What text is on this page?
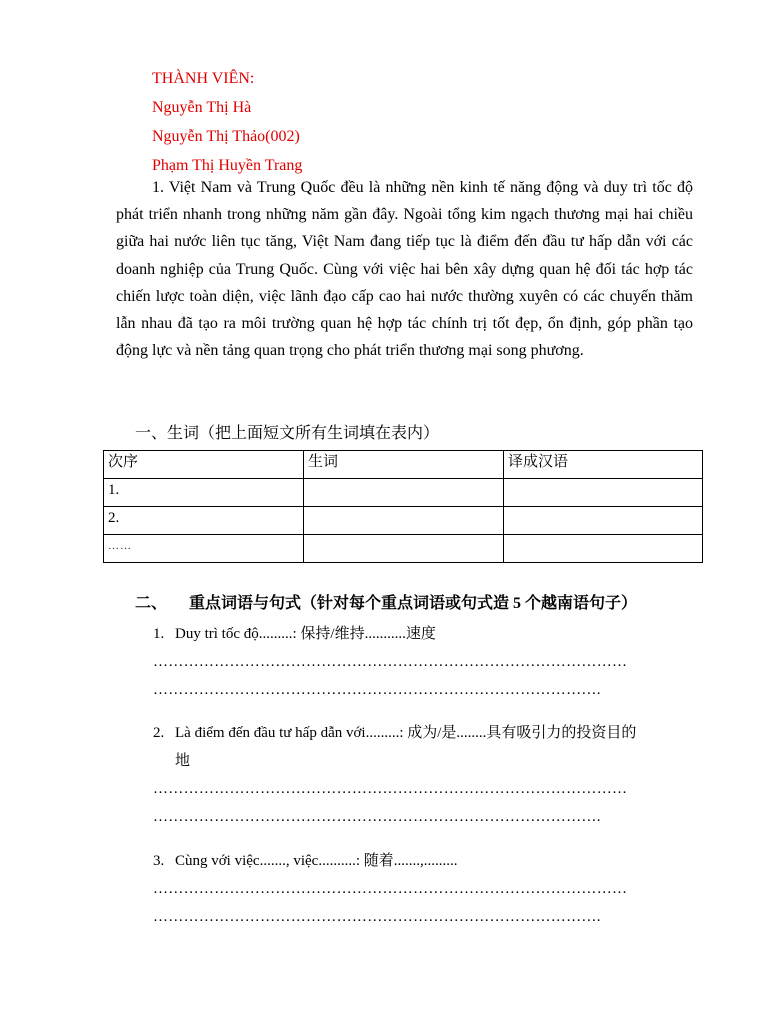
THÀNH VIÊN:
Nguyễn Thị Hà
Nguyễn Thị Thảo(002)
Phạm Thị Huyền Trang
1. Việt Nam và Trung Quốc đều là những nền kinh tế năng động và duy trì tốc độ phát triển nhanh trong những năm gần đây. Ngoài tổng kim ngạch thương mại hai chiều giữa hai nước liên tục tăng, Việt Nam đang tiếp tục là điểm đến đầu tư hấp dẫn với các doanh nghiệp của Trung Quốc. Cùng với việc hai bên xây dựng quan hệ đối tác hợp tác chiến lược toàn diện, việc lãnh đạo cấp cao hai nước thường xuyên có các chuyến thăm lẫn nhau đã tạo ra môi trường quan hệ hợp tác chính trị tốt đẹp, ổn định, góp phần tạo động lực và nền tảng quan trọng cho phát triển thương mại song phương.
一、生词（把上面短文所有生词填在表内）
次序	生词	译成汉语
1.		
2.		
……		
二、 重点词语与句式（针对每个重点词语或句式造 5 个越南语句子）
1. Duy trì tốc độ.........: 保持/维持...........速度
…………………………………………………………………………………
…………………………………………………………………………….
2. Là điểm đến đầu tư hấp dẫn với.........: 成为/是........具有吸引力的投资目的
地
…………………………………………………………………………………
…………………………………………………………………………….
3. Cùng với việc......., việc..........: 随着.......,.........
…………………………………………………………………………………
…………………………………………………………………………….
